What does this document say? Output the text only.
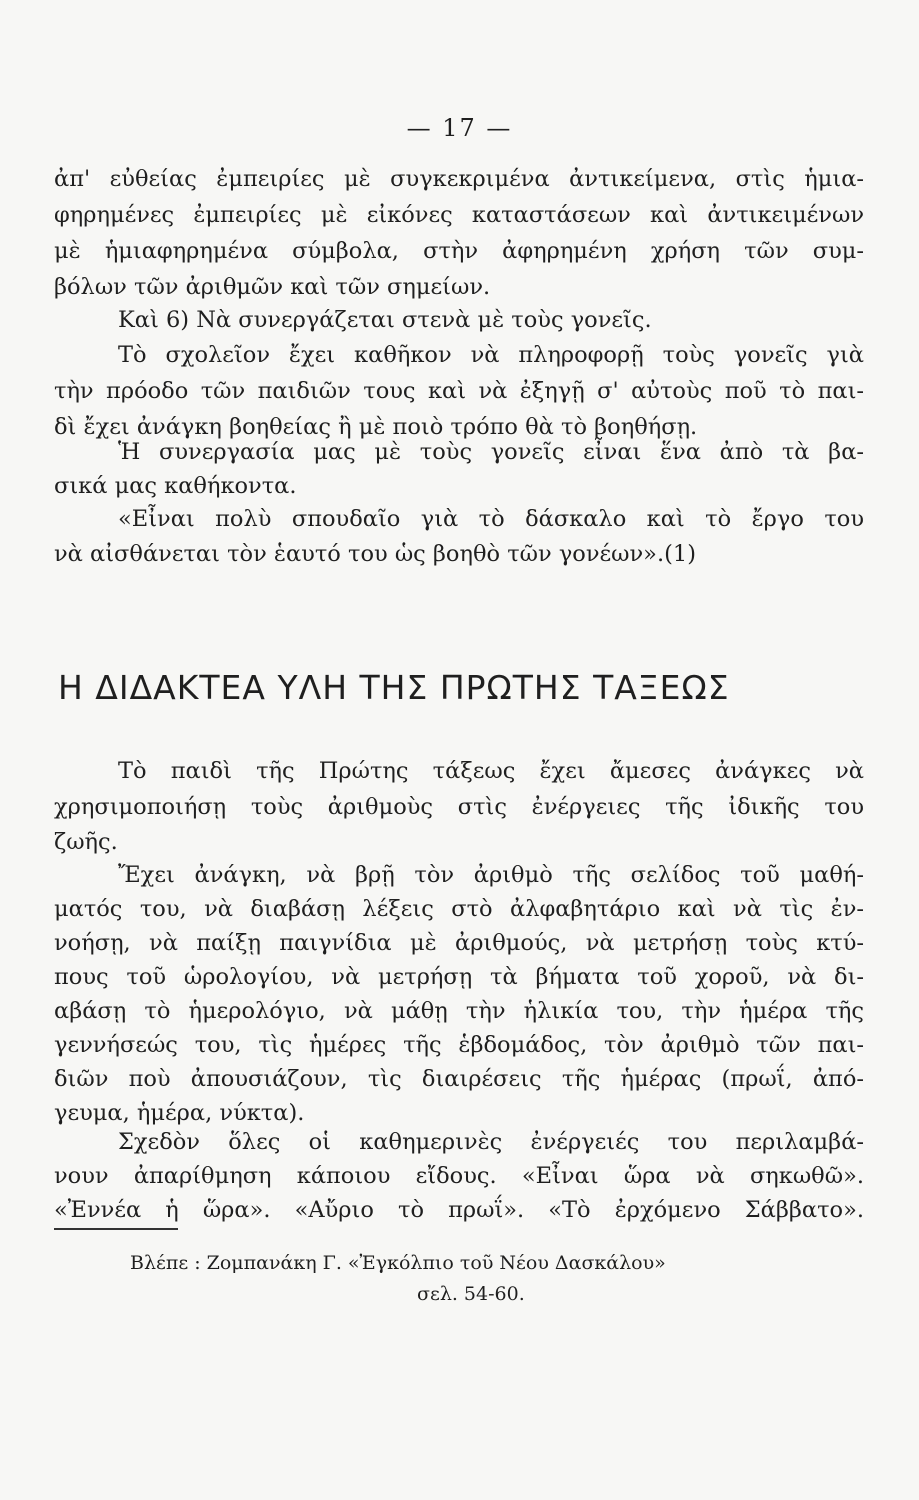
— 17 —
ἀπ' εὐθείας ἐμπειρίες μὲ συγκεκριμένα ἀντικείμενα, στὶς ἡμια-
φηρημένες ἐμπειρίες μὲ εἰκόνες καταστάσεων καὶ ἀντικειμένων
μὲ ἡμιαφηρημένα σύμβολα, στὴν ἀφηρημένη χρήση τῶν συμ-
βόλων τῶν ἀριθμῶν καὶ τῶν σημείων.
Καὶ 6) Νὰ συνεργάζεται στενὰ μὲ τοὺς γονεῖς.
Τὸ σχολεῖον ἔχει καθῆκον νὰ πληροφορῇ τοὺς γονεῖς γιὰ
τὴν πρόοδο τῶν παιδιῶν τους καὶ νὰ ἐξηγῇ σ' αὐτοὺς ποῦ τὸ παι-
δὶ ἔχει ἀνάγκη βοηθείας ἢ μὲ ποιὸ τρόπο θὰ τὸ βοηθήσῃ.
Ἡ συνεργασία μας μὲ τοὺς γονεῖς εἶναι ἕνα ἀπὸ τὰ βα-
σικά μας καθήκοντα.
«Εἶναι πολὺ σπουδαῖο γιὰ τὸ δάσκαλο καὶ τὸ ἔργο του
νὰ αἰσθάνεται τὸν ἑαυτό του ὡς βοηθὸ τῶν γονέων».(1)
Η ΔΙΔΑΚΤΕΑ ΥΛΗ ΤΗΣ ΠΡΩΤΗΣ ΤΑΞΕΩΣ
Τὸ παιδὶ τῆς Πρώτης τάξεως ἔχει ἄμεσες ἀνάγκες νὰ
χρησιμοποιήσῃ τοὺς ἀριθμοὺς στὶς ἐνέργειες τῆς ἰδικῆς του
ζωῆς.
Ἔχει ἀνάγκη, νὰ βρῇ τὸν ἀριθμὸ τῆς σελίδος τοῦ μαθή-
ματός του, νὰ διαβάσῃ λέξεις στὸ ἀλφαβητάριο καὶ νὰ τὶς ἐν-
νοήσῃ, νὰ παίξῃ παιγνίδια μὲ ἀριθμούς, νὰ μετρήσῃ τοὺς κτύ-
πους τοῦ ὡρολογίου, νὰ μετρήσῃ τὰ βήματα τοῦ χοροῦ, νὰ δι-
αβάσῃ τὸ ἡμερολόγιο, νὰ μάθῃ τὴν ἡλικία του, τὴν ἡμέρα τῆς
γεννήσεώς του, τὶς ἡμέρες τῆς ἑβδομάδος, τὸν ἀριθμὸ τῶν παι-
διῶν ποὺ ἀπουσιάζουν, τὶς διαιρέσεις τῆς ἡμέρας (πρωΐ, ἀπό-
γευμα, ἡμέρα, νύκτα).
Σχεδὸν ὅλες οἱ καθημερινὲς ἐνέργειές του περιλαμβά-
νουν ἀπαρίθμηση κάποιου εἴδους. «Εἶναι ὥρα νὰ σηκωθῶ».
«Ἐννέα ἡ ὥρα». «Αὔριο τὸ πρωΐ». «Τὸ ἐρχόμενο Σάββατο».
Βλέπε : Ζομπανάκη Γ. «Ἐγκόλπιο τοῦ Νέου Δασκάλου»
σελ. 54-60.
